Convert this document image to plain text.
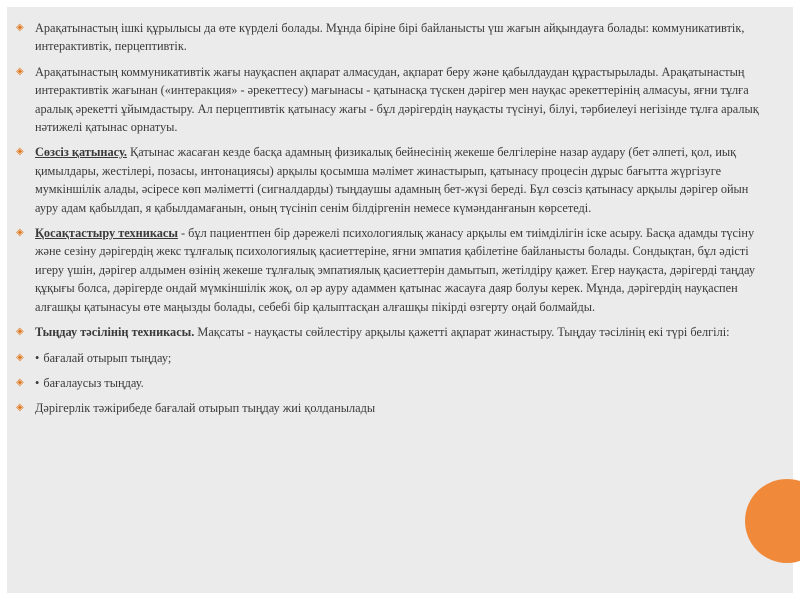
◈ Арақатынастың ішкі құрылысы да өте күрделі болады. Мұнда біріне бірі байланысты үш жағын айқындауға болады: коммуникативтік, интерактивтік, перцептивтік.

◈ Арақатынастың коммуникативтік жағы науқаспен ақпарат алмасудан, ақпарат беру және қабылдаудан құрастырылады. Арақатынастың интерактивтік жағынан («интеракция» - әрекеттесу) мағынасы - қатынасқа түскен дәрігер мен науқас әрекеттерінің алмасуы, яғни тұлға аралық әрекетті ұйымдастыру. Ал перцептивтік қатынасу жағы - бұл дәрігердің науқасты түсінуі, білуі, тәрбиелеуі негізінде тұлға аралық нәтижелі қатынас орнатуы.

◈ Сөзсіз қатынасу. Қатынас жасаған кезде басқа адамның физикалық бейнесінің жекеше белгілеріне назар аудару (бет әлпеті, қол, иық қимылдары, жестілері, позасы, интонациясы) арқылы қосымша мәлімет жинастырып, қатынасу процесін дұрыс бағытта жүргізуге мумкіншілік алады, әсіресе көп мәліметті (сигналдарды) тыңдаушы адамның бет-жүзі береді. Бұл сөзсіз қатынасу арқылы дәрігер ойын ауру адам қабылдап, я қабылдамағанын, оның түсініп сенім білдіргенін немесе күмәнданғанын көрсетеді.

◈ Қосақтастыру техникасы - бұл пациентпен бір дәрежелі психологиялық жанасу арқылы ем тиімділігін іске асыру. Басқа адамды түсіну және сезіну дәрігердің жекс тұлғалық психологиялық қасиеттеріне, яғни эмпатия қабілетіне байланысты болады. Сондықтан, бұл әдісті игеру үшін, дәрігер алдымен өзінің жекеше тұлғалық эмпатиялық қасиеттерін дамытып, жетілдіру қажет. Егер науқаста, дәрігерді таңдау құқығы болса, дәрігерде ондай мүмкіншілік жоқ, ол әр ауру адаммен қатынас жасауға даяр болуы керек. Мұнда, дәрігердің науқаспен алғашқы қатынасуы өте маңызды болады, себебі бір қалыптасқан алғашқы пікірді өзгерту оңай болмайды.

◈ Тыңдау тәсілінің техникасы. Мақсаты - науқасты сөйлестіру арқылы қажетті ақпарат жинастыру. Тыңдау тәсілінің екі түрі белгілі:

◈ • бағалай отырып тыңдау;

◈ • бағалаусыз тыңдау.

◈ Дәрігерлік тәжірибеде бағалай отырып тыңдау жиі қолданылады
